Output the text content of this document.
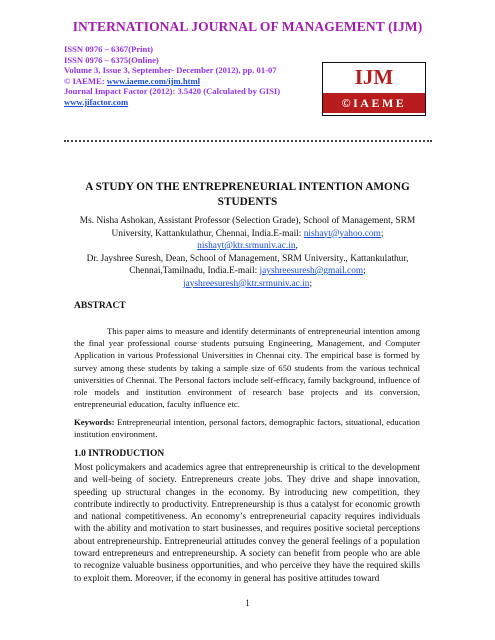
INTERNATIONAL JOURNAL OF MANAGEMENT (IJM)
ISSN 0976 – 6367(Print)
ISSN 0976 – 6375(Online)
Volume 3, Issue 3, September- December (2012), pp. 01-07
© IAEME: www.iaeme.com/ijm.html
Journal Impact Factor (2012): 3.5420 (Calculated by GISI)
www.jifactor.com
IJM
©IAEME
A STUDY ON THE ENTREPRENEURIAL INTENTION AMONG
STUDENTS
Ms. Nisha Ashokan, Assistant Professor (Selection Grade), School of Management, SRM
University, Kattankulathur, Chennai, India.E-mail: nishayt@yahoo.com;
nishayt@ktr.srmuniv.ac.in,
Dr. Jayshree Suresh, Dean, School of Management, SRM University., Kattankulathur,
Chennai,Tamilnadu, India.E-mail: jayshreesuresh@gmail.com;
jayshreesuresh@ktr.srmuniv.ac.in;
ABSTRACT
This paper aims to measure and identify determinants of entrepreneurial intention among the final year professional course students pursuing Engineering, Management, and Computer Application in various Professional Universities in Chennai city. The empirical base is formed by survey among these students by taking a sample size of 650 students from the various technical universities of Chennai. The Personal factors include self-efficacy, family background, influence of role models and institution environment of research base projects and its conversion, entrepreneurial education, faculty influence etc.
Keywords: Entrepreneurial intention, personal factors, demographic factors, situational, education institution environment.
1.0 INTRODUCTION
Most policymakers and academics agree that entrepreneurship is critical to the development and well-being of society. Entrepreneurs create jobs. They drive and shape innovation, speeding up structural changes in the economy. By introducing new competition, they contribute indirectly to productivity. Entrepreneurship is thus a catalyst for economic growth and national competitiveness. An economy’s entrepreneurial capacity requires individuals with the ability and motivation to start businesses, and requires positive societal perceptions about entrepreneurship. Entrepreneurial attitudes convey the general feelings of a population toward entrepreneurs and entrepreneurship. A society can benefit from people who are able to recognize valuable business opportunities, and who perceive they have the required skills to exploit them. Moreover, if the economy in general has positive attitudes toward
1
